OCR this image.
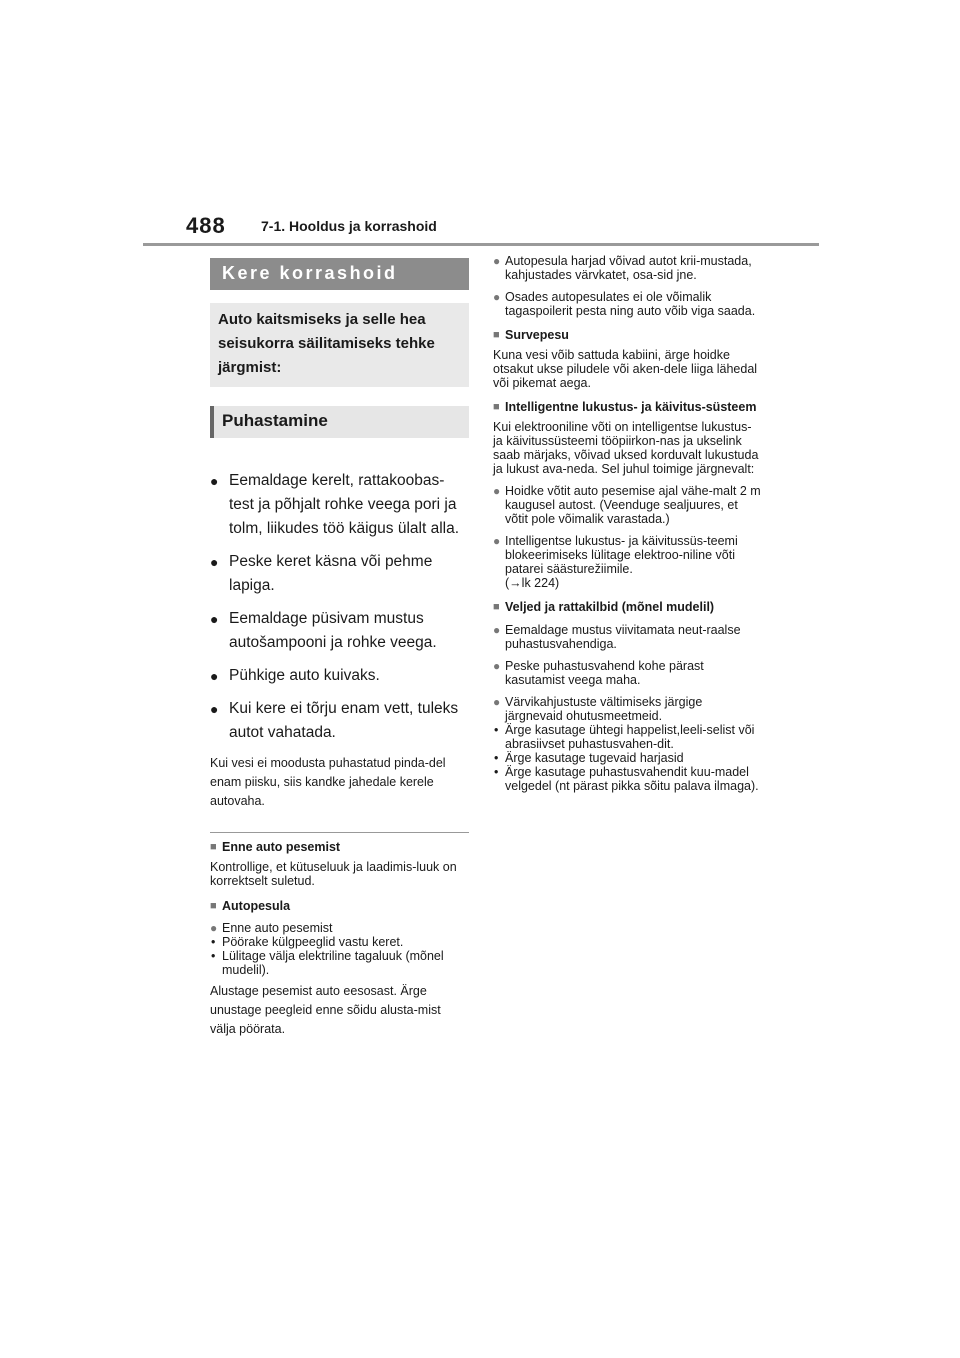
488	7-1. Hooldus ja korrashoid
Kere korrashoid
Auto kaitsmiseks ja selle hea seisukorra säilitamiseks tehke järgmist:
Puhastamine
● Eemaldage kerelt, rattakoobas-test ja põhjalt rohke veega pori ja tolm, liikudes töö käigus ülalt alla.
● Peske keret käsna või pehme lapiga.
● Eemaldage püsivam mustus autošampooni ja rohke veega.
● Pühkige auto kuivaks.
● Kui kere ei tõrju enam vett, tuleks autot vahatada.
Kui vesi ei moodusta puhastatud pinda-del enam piisku, siis kandke jahedale kerele autovaha.
■ Enne auto pesemist
Kontrollige, et kütuseluuk ja laadimis-luuk on korrektselt suletud.
■ Autopesula
● Enne auto pesemist
• Pöörake külgpeeglid vastu keret.
• Lülitage välja elektriline tagaluuk (mõnel mudelil).
Alustage pesemist auto eesosast. Ärge unustage peegleid enne sõidu alusta-mist välja pöörata.
● Autopesula harjad võivad autot krii-mustada, kahjustades värvkatet, osa-sid jne.
● Osades autopesulates ei ole võimalik tagaspoilerit pesta ning auto võib viga saada.
■ Survepesu
Kuna vesi võib sattuda kabiini, ärge hoidke otsakut ukse piludele või aken-dele liiga lähedal või pikemat aega.
■ Intelligentne lukustus- ja käivitus-süsteem
Kui elektrooniline võti on intelligentse lukustus- ja käivitussüsteemi tööpiirkon-nas ja ukselink saab märjaks, võivad uksed korduvalt lukustuda ja lukust ava-neda. Sel juhul toimige järgnevalt:
● Hoidke võtit auto pesemise ajal vähe-malt 2 m kaugusel autost. (Veenduge sealjuures, et võtit pole võimalik varastada.)
● Intelligentse lukustus- ja käivitussüs-teemi blokeerimiseks lülitage elektroo-niline võti patarei säästurežiimile.
(→lk 224)
■ Veljed ja rattakilbid (mõnel mudelil)
● Eemaldage mustus viivitamata neut-raalse puhastusvahendiga.
● Peske puhastusvahend kohe pärast kasutamist veega maha.
● Värvikahjustuste vältimiseks järgige järgnevaid ohutusmeetmeid.
• Ärge kasutage ühtegi happelist,leeli-selist või abrasiivset puhastusvahen-dit.
• Ärge kasutage tugevaid harjasid
• Ärge kasutage puhastusvahendit kuu-madel velgedel (nt pärast pikka sõitu palava ilmaga).
